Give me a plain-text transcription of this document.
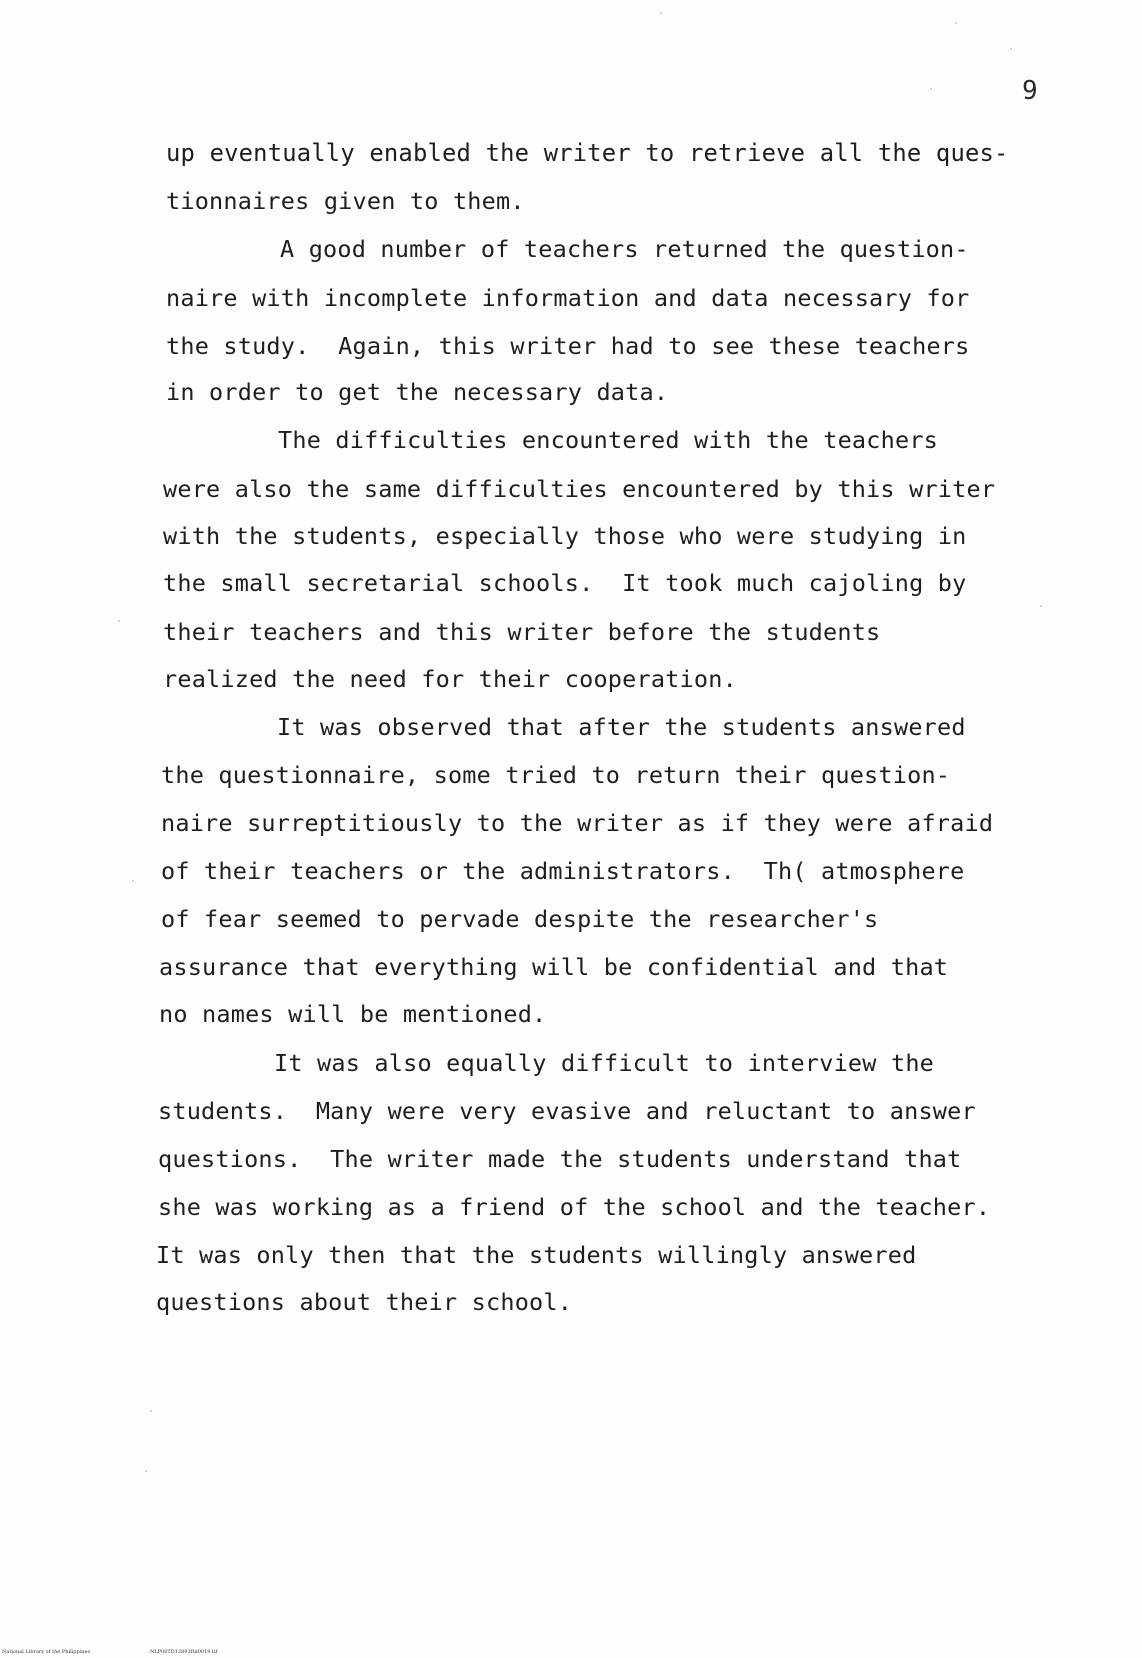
9
up eventually enabled the writer to retrieve all the ques-
tionnaires given to them.
A good number of teachers returned the question-
naire with incomplete information and data necessary for
the study.  Again, this writer had to see these teachers
in order to get the necessary data.
The difficulties encountered with the teachers
were also the same difficulties encountered by this writer
with the students, especially those who were studying in
the small secretarial schools.  It took much cajoling by
their teachers and this writer before the students
realized the need for their cooperation.
It was observed that after the students answered
the questionnaire, some tried to return their question-
naire surreptitiously to the writer as if they were afraid
of their teachers or the administrators.  Th( atmosphere
of fear seemed to pervade despite the researcher's
assurance that everything will be confidential and that
no names will be mentioned.
It was also equally difficult to interview the
students.  Many were very evasive and reluctant to answer
questions.  The writer made the students understand that
she was working as a friend of the school and the teacher.
It was only then that the students willingly answered
questions about their school.
National Library of the Philippines	NLP00TD12893ftd0019.tif
